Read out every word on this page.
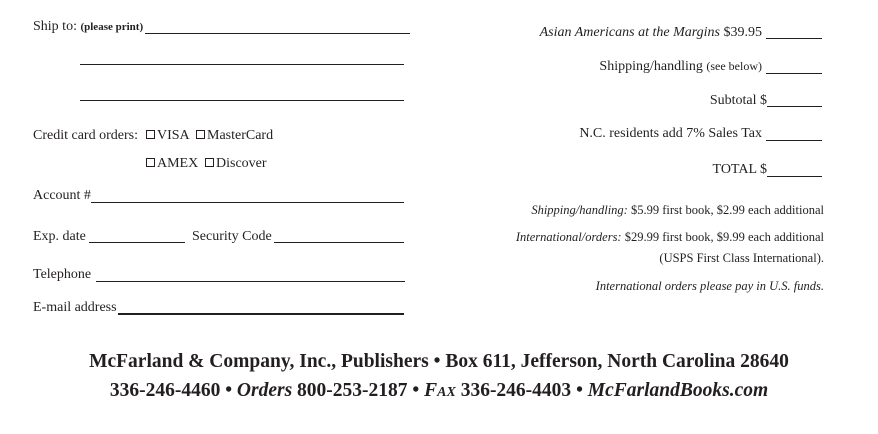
Ship to: (please print)
Credit card orders:	VISA	MasterCard
AMEX	Discover
Account #
Exp. date	Security Code
Telephone
E-mail address
Asian Americans at the Margins $39.95
Shipping/handling (see below)
Subtotal $
N.C. residents add 7% Sales Tax
TOTAL $
Shipping/handling: $5.99 first book, $2.99 each additional
International/orders: $29.99 first book, $9.99 each additional
(USPS First Class International).
International orders please pay in U.S. funds.
McFarland & Company, Inc., Publishers • Box 611, Jefferson, North Carolina 28640
336-246-4460 • Orders 800-253-2187 • Fax 336-246-4403 • McFarlandBooks.com
